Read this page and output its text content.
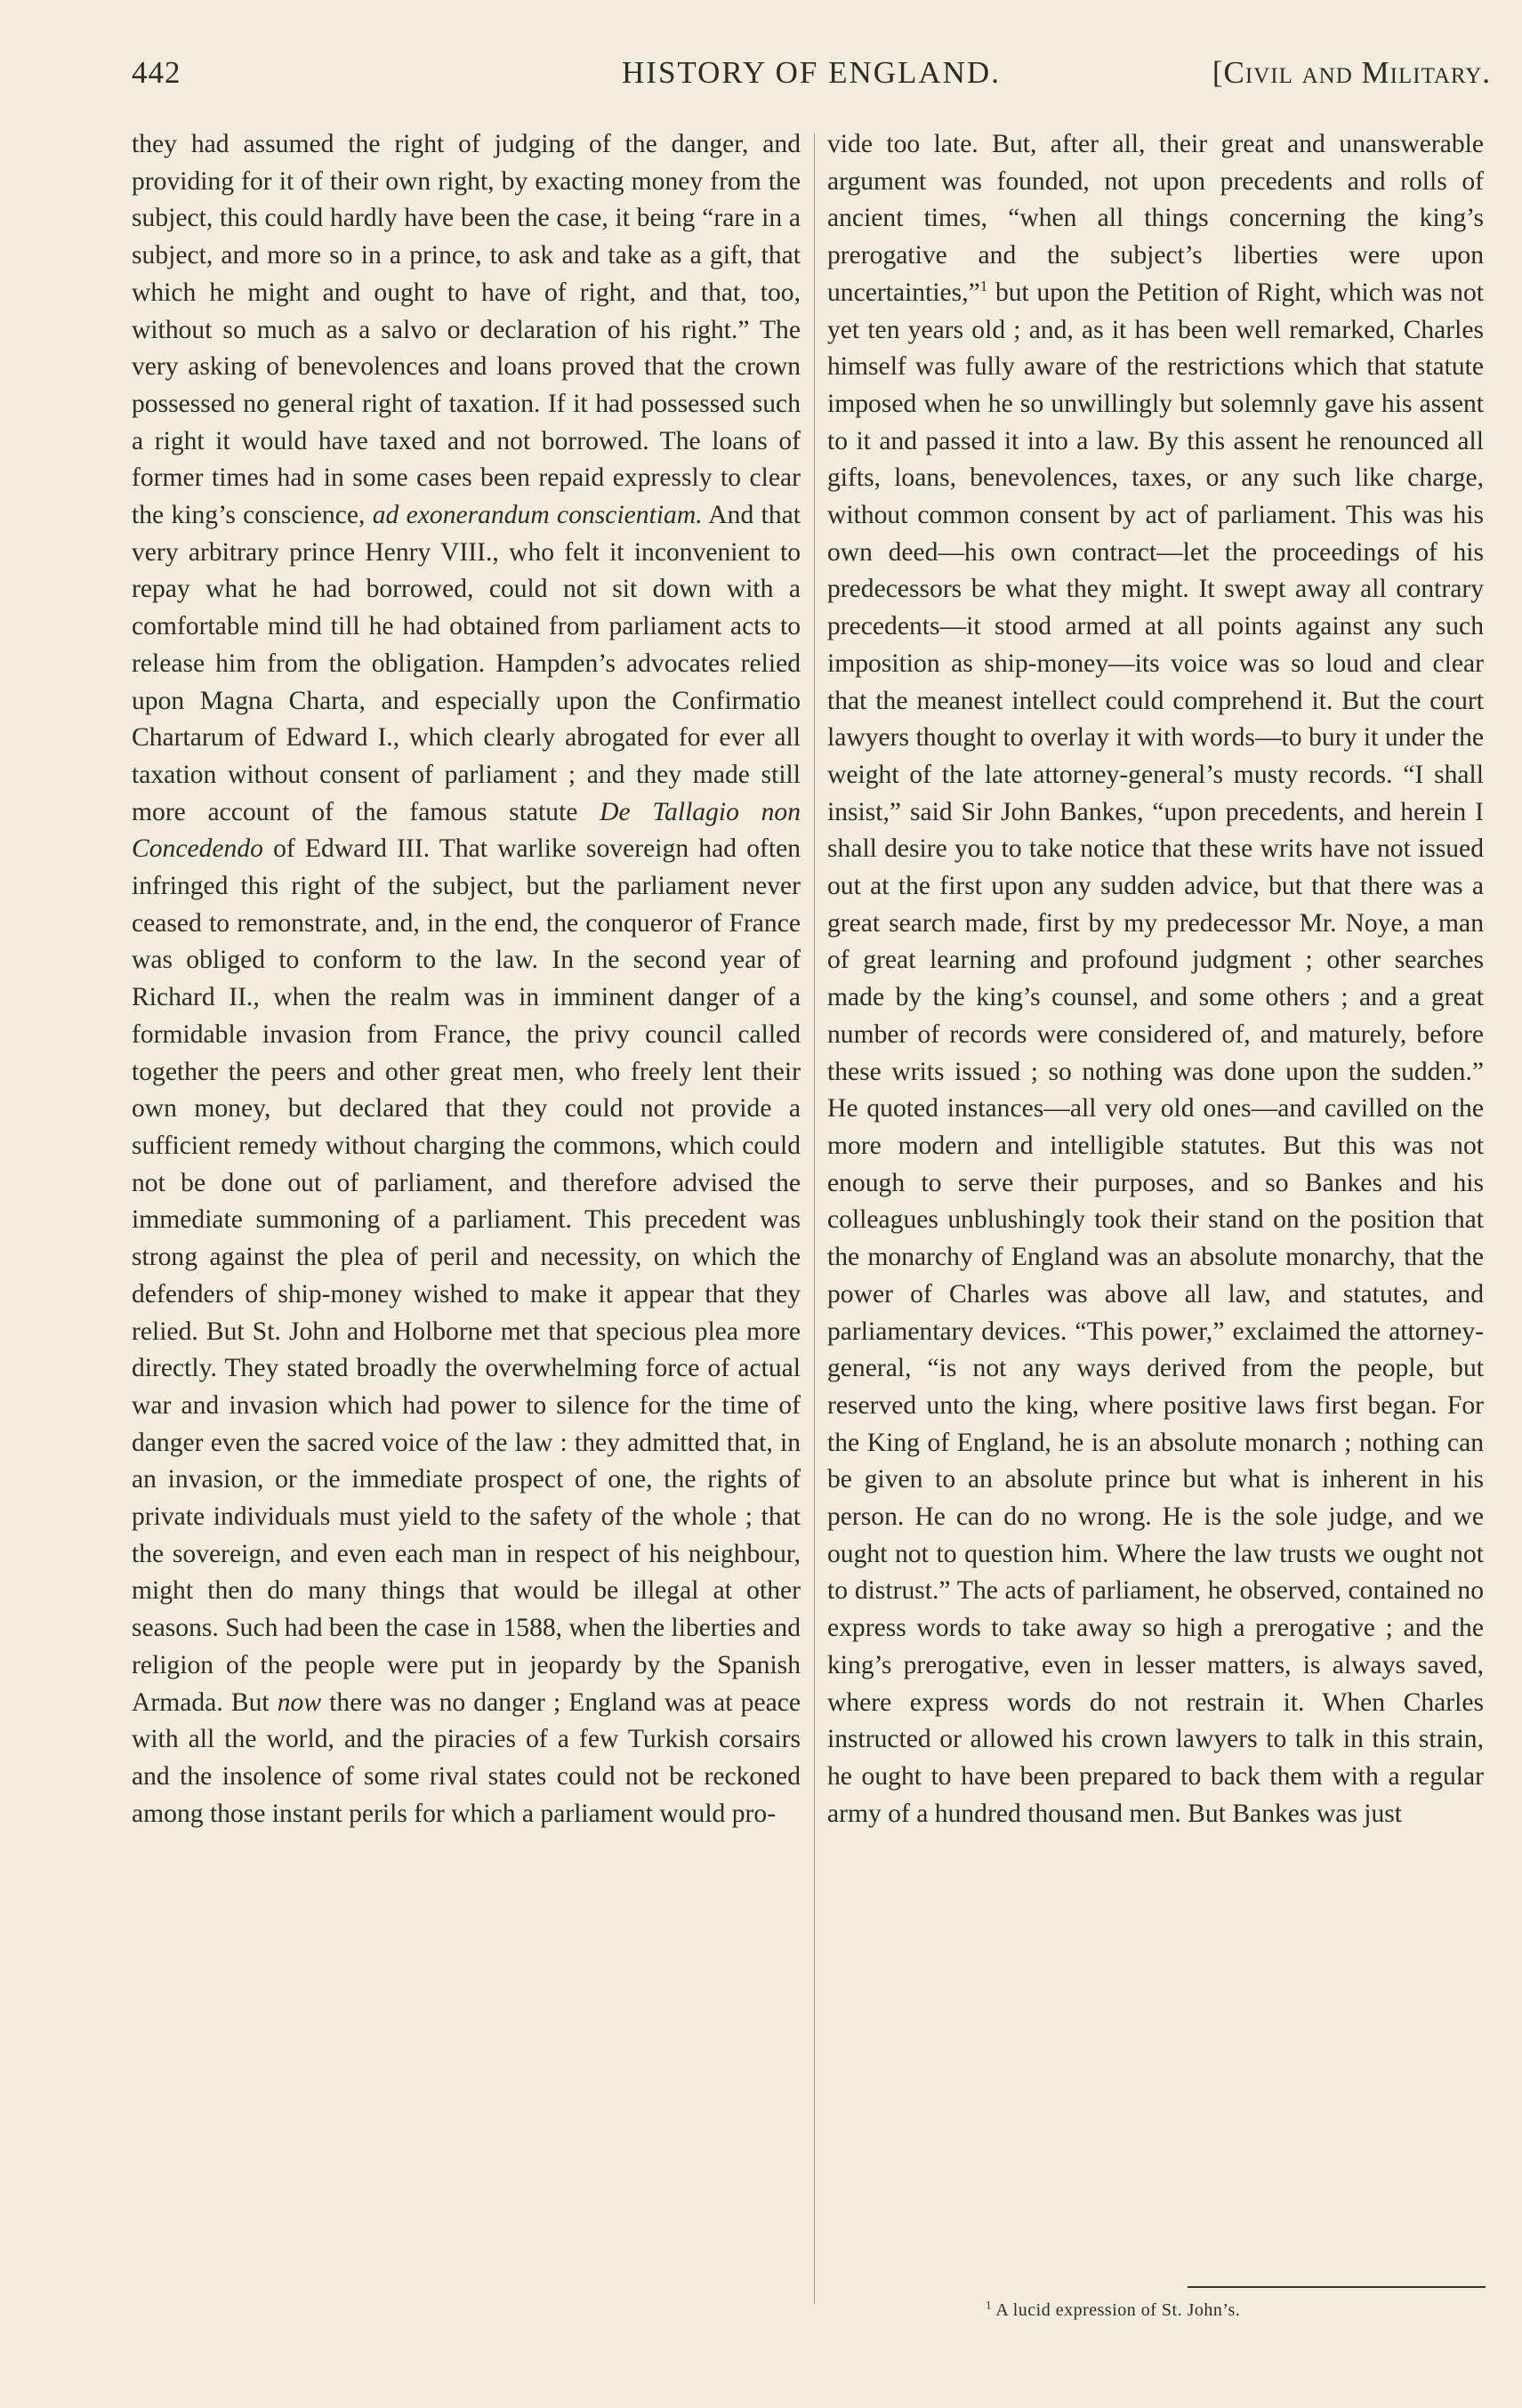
442	HISTORY OF ENGLAND.	[Civil and Military.

they had assumed the right of judging of the danger, and providing for it of their own right, by exacting money from the subject, this could hardly have been the case, it being “rare in a subject, and more so in a prince, to ask and take as a gift, that which he might and ought to have of right, and that, too, without so much as a salvo or declaration of his right.” The very asking of benevolences and loans proved that the crown possessed no general right of taxation. If it had possessed such a right it would have taxed and not borrowed. The loans of former times had in some cases been repaid expressly to clear the king’s conscience, ad exonerandum conscientiam. And that very arbitrary prince Henry VIII., who felt it inconvenient to repay what he had borrowed, could not sit down with a comfortable mind till he had obtained from parliament acts to release him from the obligation. Hampden’s advocates relied upon Magna Charta, and especially upon the Confirmatio Chartarum of Edward I., which clearly abrogated for ever all taxation without consent of parliament ; and they made still more account of the famous statute De Tallagio non Concedendo of Edward III. That warlike sovereign had often infringed this right of the subject, but the parliament never ceased to remonstrate, and, in the end, the conqueror of France was obliged to conform to the law. In the second year of Richard II., when the realm was in imminent danger of a formidable invasion from France, the privy council called together the peers and other great men, who freely lent their own money, but declared that they could not provide a sufficient remedy without charging the commons, which could not be done out of parliament, and therefore advised the immediate summoning of a parliament. This precedent was strong against the plea of peril and necessity, on which the defenders of ship-money wished to make it appear that they relied. But St. John and Holborne met that specious plea more directly. They stated broadly the overwhelming force of actual war and invasion which had power to silence for the time of danger even the sacred voice of the law : they admitted that, in an invasion, or the immediate prospect of one, the rights of private individuals must yield to the safety of the whole ; that the sovereign, and even each man in respect of his neighbour, might then do many things that would be illegal at other seasons. Such had been the case in 1588, when the liberties and religion of the people were put in jeopardy by the Spanish Armada. But now there was no danger ; England was at peace with all the world, and the piracies of a few Turkish corsairs and the insolence of some rival states could not be reckoned among those instant perils for which a parliament would pro-

vide too late. But, after all, their great and unanswerable argument was founded, not upon precedents and rolls of ancient times, “when all things concerning the king’s prerogative and the subject’s liberties were upon uncertainties,”$^1$ but upon the Petition of Right, which was not yet ten years old ; and, as it has been well remarked, Charles himself was fully aware of the restrictions which that statute imposed when he so unwillingly but solemnly gave his assent to it and passed it into a law. By this assent he renounced all gifts, loans, benevolences, taxes, or any such like charge, without common consent by act of parliament. This was his own deed—his own contract—let the proceedings of his predecessors be what they might. It swept away all contrary precedents—it stood armed at all points against any such imposition as ship-money—its voice was so loud and clear that the meanest intellect could comprehend it. But the court lawyers thought to overlay it with words—to bury it under the weight of the late attorney-general’s musty records. “I shall insist,” said Sir John Bankes, “upon precedents, and herein I shall desire you to take notice that these writs have not issued out at the first upon any sudden advice, but that there was a great search made, first by my predecessor Mr. Noye, a man of great learning and profound judgment ; other searches made by the king’s counsel, and some others ; and a great number of records were considered of, and maturely, before these writs issued ; so nothing was done upon the sudden.” He quoted instances—all very old ones—and cavilled on the more modern and intelligible statutes. But this was not enough to serve their purposes, and so Bankes and his colleagues unblushingly took their stand on the position that the monarchy of England was an absolute monarchy, that the power of Charles was above all law, and statutes, and parliamentary devices. “This power,” exclaimed the attorney-general, “is not any ways derived from the people, but reserved unto the king, where positive laws first began. For the King of England, he is an absolute monarch ; nothing can be given to an absolute prince but what is inherent in his person. He can do no wrong. He is the sole judge, and we ought not to question him. Where the law trusts we ought not to distrust.” The acts of parliament, he observed, contained no express words to take away so high a prerogative ; and the king’s prerogative, even in lesser matters, is always saved, where express words do not restrain it. When Charles instructed or allowed his crown lawyers to talk in this strain, he ought to have been prepared to back them with a regular army of a hundred thousand men. But Bankes was just

$^1$ A lucid expression of St. John’s.
